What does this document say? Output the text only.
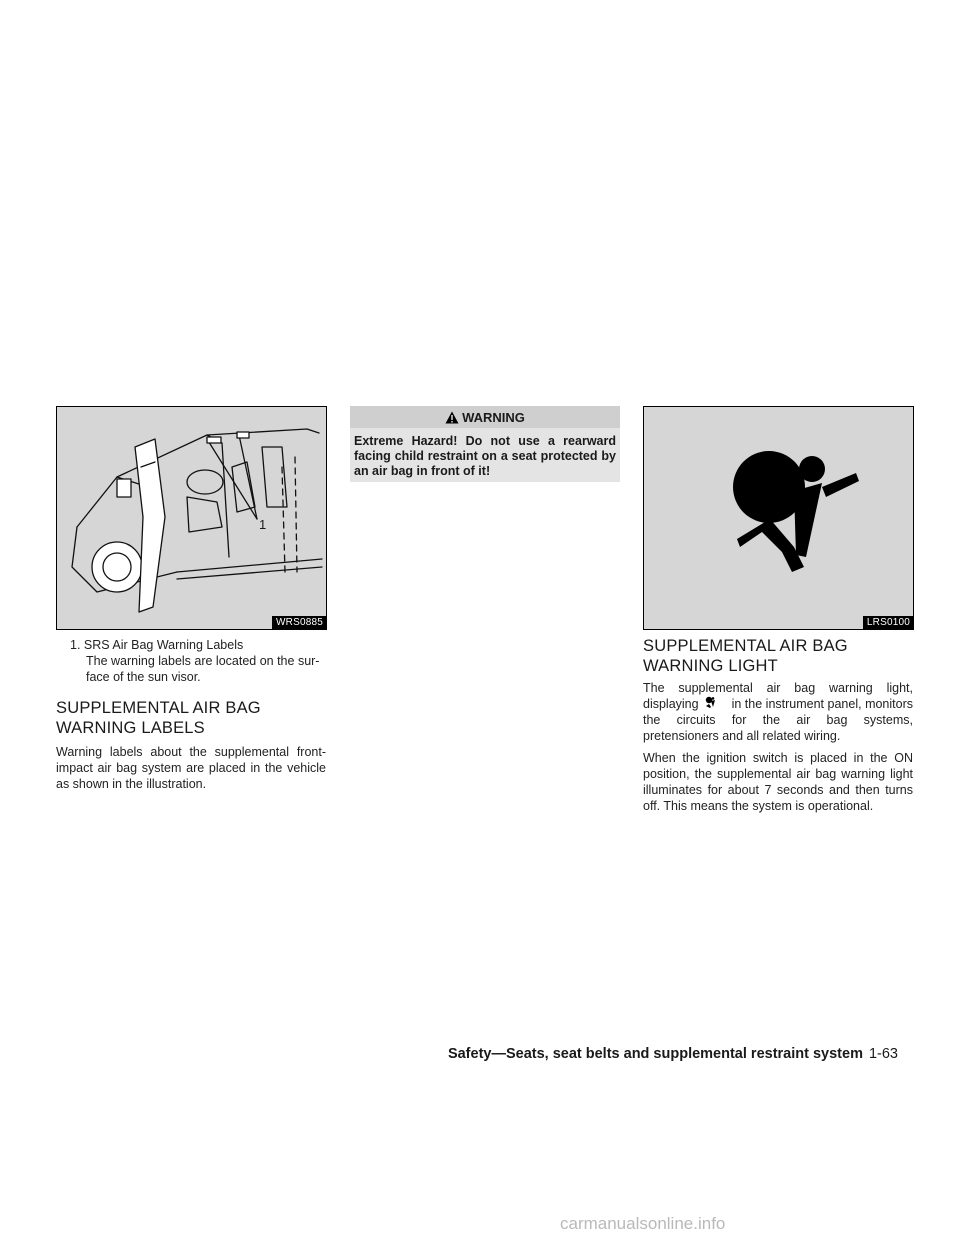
1
WRS0885
1. SRS Air Bag Warning Labels
The warning labels are located on the sur-
face of the sun visor.
SUPPLEMENTAL AIR BAG WARNING LABELS
Warning labels about the supplemental front-impact air bag system are placed in the vehicle as shown in the illustration.
WARNING
Extreme Hazard! Do not use a rearward facing child restraint on a seat protected by an air bag in front of it!
LRS0100
SUPPLEMENTAL AIR BAG WARNING LIGHT
The supplemental air bag warning light, displaying	in the instrument panel, monitors the circuits for the air bag systems, pretensioners and all related wiring.
When the ignition switch is placed in the ON position, the supplemental air bag warning light illuminates for about 7 seconds and then turns off. This means the system is operational.
Safety—Seats, seat belts and supplemental restraint system 1-63
carmanualsonline.info
